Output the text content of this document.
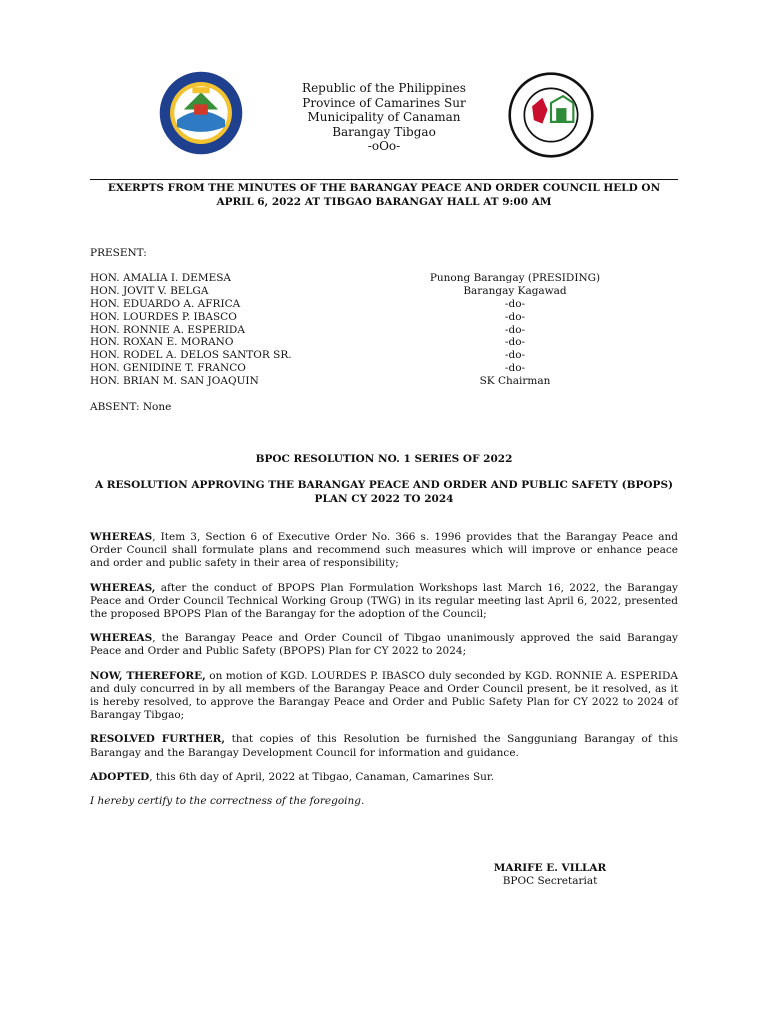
Republic of the Philippines
Province of Camarines Sur
Municipality of Canaman
Barangay Tibgao
-oOo-
EXERPTS FROM THE MINUTES OF THE BARANGAY PEACE AND ORDER COUNCIL HELD ON APRIL 6, 2022 AT TIBGAO BARANGAY HALL AT 9:00 AM
PRESENT:
HON. AMALIA I. DEMESA	Punong Barangay (PRESIDING)
HON. JOVIT V. BELGA	Barangay Kagawad
HON. EDUARDO A. AFRICA	-do-
HON. LOURDES P. IBASCO	-do-
HON. RONNIE A. ESPERIDA	-do-
HON. ROXAN E. MORANO	-do-
HON. RODEL A. DELOS SANTOR SR.	-do-
HON. GENIDINE T. FRANCO	-do-
HON. BRIAN M. SAN JOAQUIN	SK Chairman
ABSENT: None
BPOC RESOLUTION NO. 1 SERIES OF 2022
A RESOLUTION APPROVING THE BARANGAY PEACE AND ORDER AND PUBLIC SAFETY (BPOPS) PLAN CY 2022 TO 2024

WHEREAS, Item 3, Section 6 of Executive Order No. 366 s. 1996 provides that the Barangay Peace and Order Council shall formulate plans and recommend such measures which will improve or enhance peace and order and public safety in their area of responsibility;

WHEREAS, after the conduct of BPOPS Plan Formulation Workshops last March 16, 2022, the Barangay Peace and Order Council Technical Working Group (TWG) in its regular meeting last April 6, 2022, presented the proposed BPOPS Plan of the Barangay for the adoption of the Council;

WHEREAS, the Barangay Peace and Order Council of Tibgao unanimously approved the said Barangay Peace and Order and Public Safety (BPOPS) Plan for CY 2022 to 2024;

NOW, THEREFORE, on motion of KGD. LOURDES P. IBASCO duly seconded by KGD. RONNIE A. ESPERIDA and duly concurred in by all members of the Barangay Peace and Order Council present, be it resolved, as it is hereby resolved, to approve the Barangay Peace and Order and Public Safety Plan for CY 2022 to 2024 of Barangay Tibgao;

RESOLVED FURTHER, that copies of this Resolution be furnished the Sangguniang Barangay of this Barangay and the Barangay Development Council for information and guidance.

ADOPTED, this 6th day of April, 2022 at Tibgao, Canaman, Camarines Sur.

I hereby certify to the correctness of the foregoing.

MARIFE E. VILLAR
BPOC Secretariat
